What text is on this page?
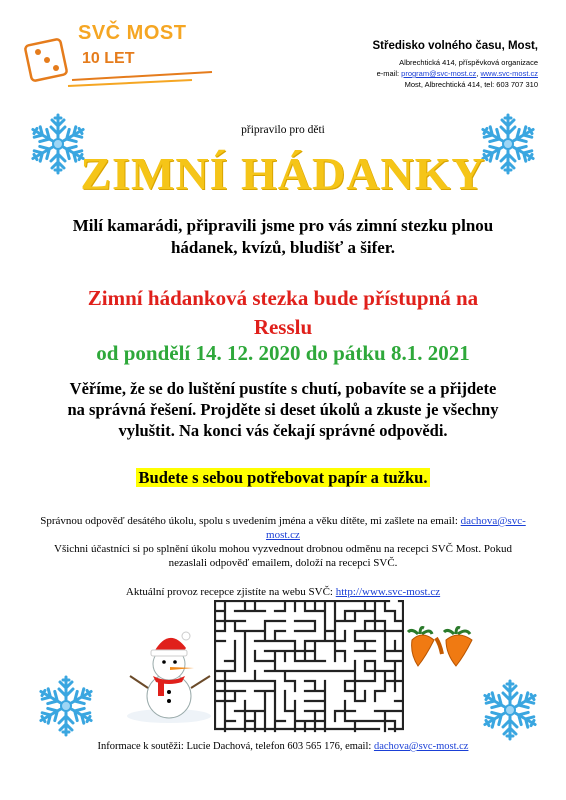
SVČ MOST
10 LET
Středisko volného času, Most,
Albrechtická 414, příspěvková organizace
e-mail: program@svc-most.cz, www.svc-most.cz
Most, Albrechtická 414, tel: 603 707 310
připravilo pro děti
ZIMNÍ HÁDANKY
Milí kamarádi, připravili jsme pro vás zimní stezku plnou hádanek, kvízů, bludišť a šifer.
Zimní hádanková stezka bude přístupná na Resslu
od pondělí 14. 12. 2020 do pátku 8.1. 2021
Věříme, že se do luštění pustíte s chutí, pobavíte se a přijdete na správná řešení. Projděte si deset úkolů a zkuste je všechny vyluštit. Na konci vás čekají správné odpovědi.
Budete s sebou potřebovat papír a tužku.
Správnou odpověď desátého úkolu, spolu s uvedením jména a věku dítěte, mi zašlete na email: dachova@svc-most.cz
Všichni účastníci si po splnění úkolu mohou vyzvednout drobnou odměnu na recepci SVČ Most. Pokud nezaslali odpověď emailem, doloží na recepci SVČ.
Aktuální provoz recepce zjistíte na webu SVČ: http://www.svc-most.cz
Informace k soutěži: Lucie Dachová, telefon 603 565 176, email: dachova@svc-most.cz
